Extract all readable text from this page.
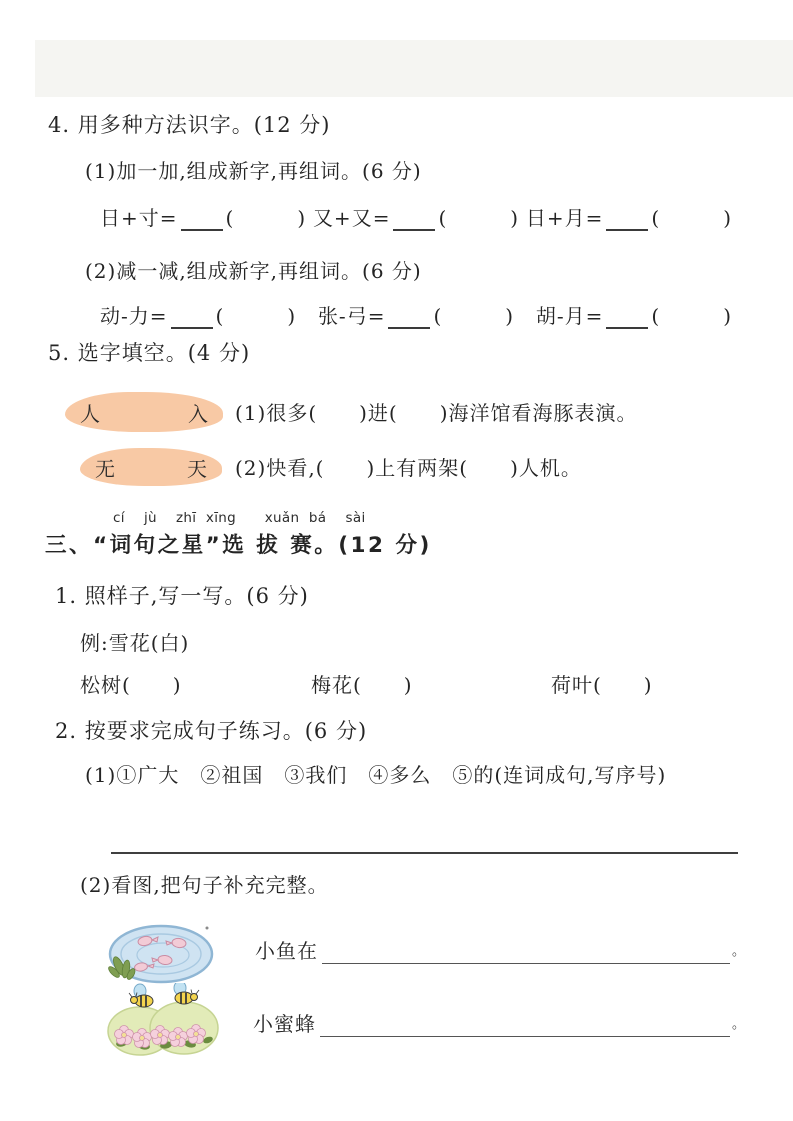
4. 用多种方法识字。(12 分)
(1)加一加,组成新字,再组词。(6 分)
日+寸= (　　　) 又+又= (　　　) 日+月= (　　　)
(2)减一减,组成新字,再组词。(6 分)
动-力= (　　　) 张-弓= (　　　) 胡-月= (　　　)
5. 选字填空。(4 分)
人	入 (1)很多(　　)进(　　)海洋馆看海豚表演。
无	天 (2)快看,(　　)上有两架(　　)人机。
cí  jù  zhī xīng   xuǎn bá  sài
三、“词句之星”选 拔 赛。(12 分)
1. 照样子,写一写。(6 分)
例:雪花(白)
松树(　　)	梅花(　　)	荷叶(　　)
2. 按要求完成句子练习。(6 分)
(1)①广大　②祖国　③我们　④多么　⑤的(连词成句,写序号)
(2)看图,把句子补充完整。
小鱼在	。
小蜜蜂	。
